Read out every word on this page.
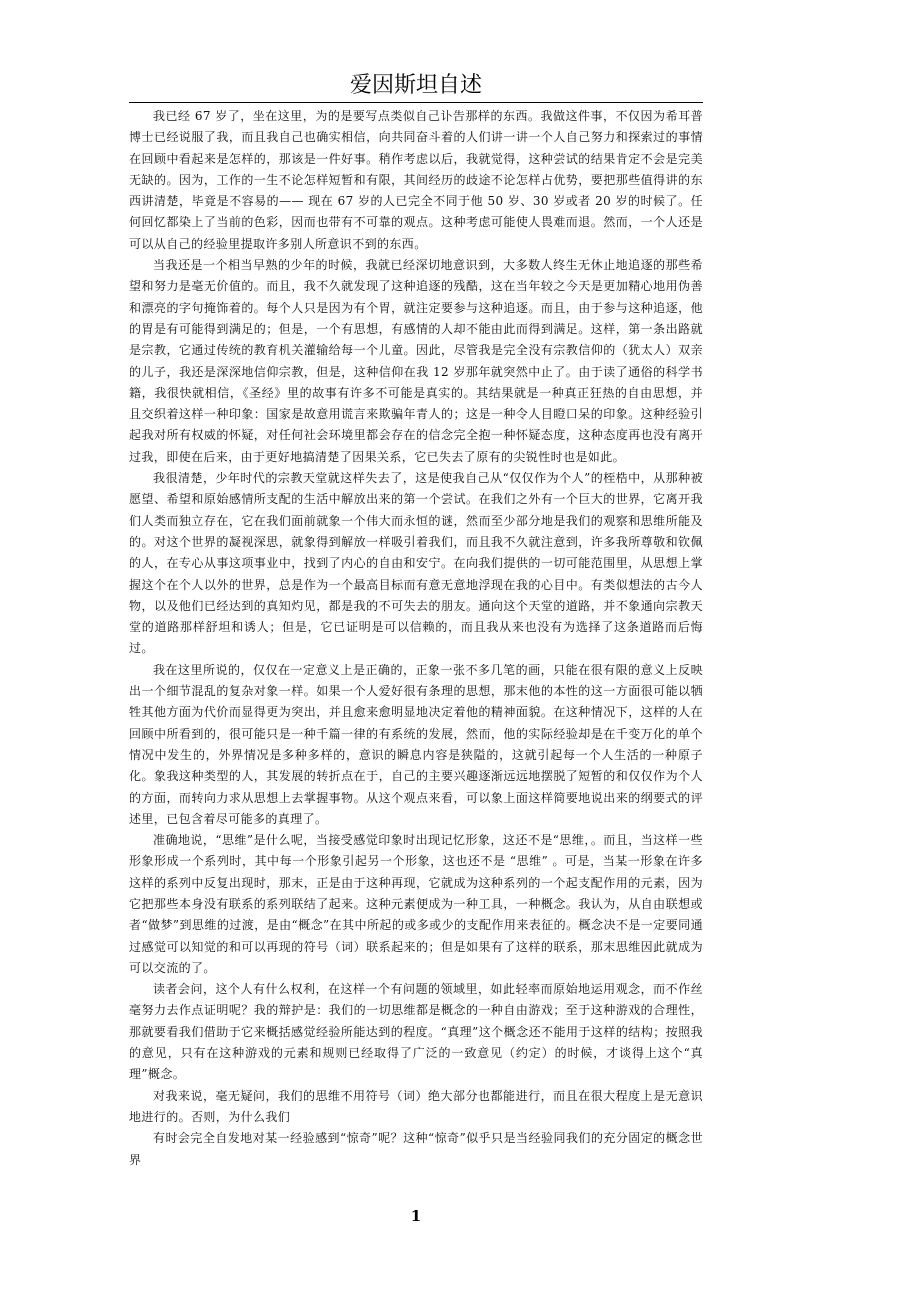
爱因斯坦自述

我已经 67 岁了，坐在这里，为的是要写点类似自己讣告那样的东西。我做这件事，不仅因为希耳普博士已经说服了我，而且我自己也确实相信，向共同奋斗着的人们讲一讲一个人自己努力和探索过的事情在回顾中看起来是怎样的，那该是一件好事。稍作考虑以后，我就觉得，这种尝试的结果肯定不会是完美无缺的。因为，工作的一生不论怎样短暂和有限，其间经历的歧途不论怎样占优势，要把那些值得讲的东西讲清楚，毕竟是不容易的—— 现在 67 岁的人已完全不同于他 50 岁、30 岁或者 20 岁的时候了。任何回忆都染上了当前的色彩，因而也带有不可靠的观点。这种考虑可能使人畏难而退。然而，一个人还是可以从自己的经验里提取许多别人所意识不到的东西。

当我还是一个相当早熟的少年的时候，我就已经深切地意识到，大多数人终生无休止地追逐的那些希望和努力是毫无价值的。而且，我不久就发现了这种追逐的残酷，这在当年较之今天是更加精心地用伪善和漂亮的字句掩饰着的。每个人只是因为有个胃，就注定要参与这种追逐。而且，由于参与这种追逐，他的胃是有可能得到满足的；但是，一个有思想，有感情的人却不能由此而得到满足。这样，第一条出路就是宗教，它通过传统的教育机关灌输给每一个儿童。因此，尽管我是完全没有宗教信仰的（犹太人）双亲的儿子，我还是深深地信仰宗教，但是，这种信仰在我 12 岁那年就突然中止了。由于读了通俗的科学书籍，我很快就相信，《圣经》里的故事有许多不可能是真实的。其结果就是一种真正狂热的自由思想，并且交织着这样一种印象：国家是故意用谎言来欺骗年青人的；这是一种令人目瞪口呆的印象。这种经验引起我对所有权威的怀疑，对任何社会环境里都会存在的信念完全抱一种怀疑态度，这种态度再也没有离开过我，即使在后来，由于更好地搞清楚了因果关系，它已失去了原有的尖锐性时也是如此。

我很清楚，少年时代的宗教天堂就这样失去了，这是使我自己从“仅仅作为个人”的桎梏中，从那种被愿望、希望和原始感情所支配的生活中解放出来的第一个尝试。在我们之外有一个巨大的世界，它离开我们人类而独立存在，它在我们面前就象一个伟大而永恒的谜，然而至少部分地是我们的观察和思维所能及的。对这个世界的凝视深思，就象得到解放一样吸引着我们，而且我不久就注意到，许多我所尊敬和钦佩的人，在专心从事这项事业中，找到了内心的自由和安宁。在向我们提供的一切可能范围里，从思想上掌握这个在个人以外的世界，总是作为一个最高目标而有意无意地浮现在我的心目中。有类似想法的古今人物，以及他们已经达到的真知灼见，都是我的不可失去的朋友。通向这个天堂的道路，并不象通向宗教天堂的道路那样舒坦和诱人；但是，它已证明是可以信赖的，而且我从来也没有为选择了这条道路而后悔过。

我在这里所说的，仅仅在一定意义上是正确的，正象一张不多几笔的画，只能在很有限的意义上反映出一个细节混乱的复杂对象一样。如果一个人爱好很有条理的思想，那末他的本性的这一方面很可能以牺牲其他方面为代价而显得更为突出，并且愈来愈明显地决定着他的精神面貌。在这种情况下，这样的人在回顾中所看到的，很可能只是一种千篇一律的有系统的发展，然而，他的实际经验却是在千变万化的单个情况中发生的，外界情况是多种多样的，意识的瞬息内容是狭隘的，这就引起每一个人生活的一种原子化。象我这种类型的人，其发展的转折点在于，自己的主要兴趣逐渐远远地摆脱了短暂的和仅仅作为个人的方面，而转向力求从思想上去掌握事物。从这个观点来看，可以象上面这样简要地说出来的纲要式的评述里，已包含着尽可能多的真理了。

准确地说，“思维”是什么呢，当接受感觉印象时出现记忆形象，这还不是“思维，。而且，当这样一些形象形成一个系列时，其中每一个形象引起另一个形象，这也还不是 “思维” 。可是，当某一形象在许多这样的系列中反复出现时，那末，正是由于这种再现，它就成为这种系列的一个起支配作用的元素，因为它把那些本身没有联系的系列联结了起来。这种元素便成为一种工具，一种概念。我认为，从自由联想或者“做梦”到思维的过渡，是由“概念”在其中所起的或多或少的支配作用来表征的。概念决不是一定要同通过感觉可以知觉的和可以再现的符号（词）联系起来的；但是如果有了这样的联系，那末思维因此就成为可以交流的了。

读者会问，这个人有什么权利，在这样一个有问题的领域里，如此轻率而原始地运用观念，而不作丝毫努力去作点证明呢？我的辩护是：我们的一切思维都是概念的一种自由游戏；至于这种游戏的合理性，那就要看我们借助于它来概括感觉经验所能达到的程度。“真理”这个概念还不能用于这样的结构；按照我的意见，只有在这种游戏的元素和规则已经取得了广泛的一致意见（约定）的时候，才谈得上这个“真理”概念。

对我来说，毫无疑问，我们的思维不用符号（词）绝大部分也都能进行，而且在很大程度上是无意识地进行的。否则，为什么我们

有时会完全自发地对某一经验感到“惊奇”呢？这种“惊奇”似乎只是当经验同我们的充分固定的概念世界

1
